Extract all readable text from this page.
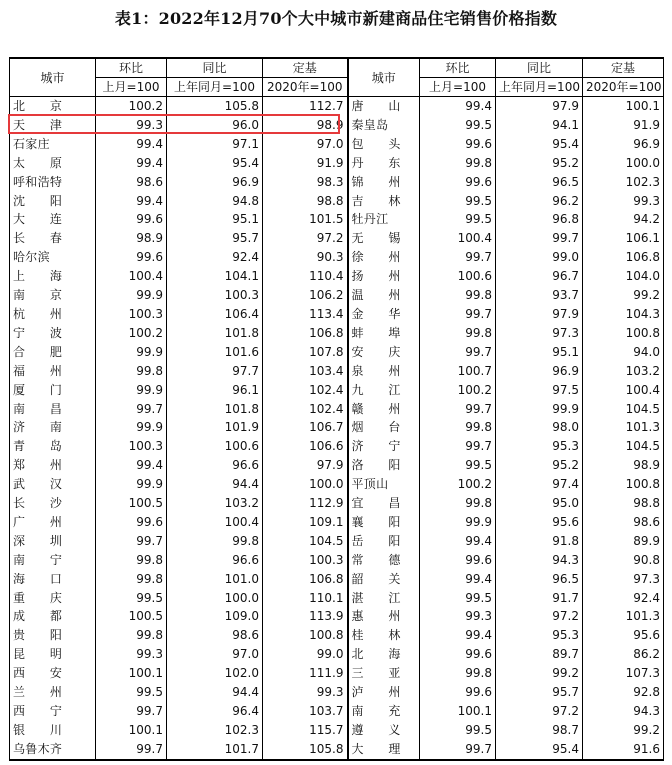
表1：2022年12月70个大中城市新建商品住宅销售价格指数
城市	环比	同比	定基	城市	环比	同比	定基
	上月=100	上年同月=100	2020年=100		上月=100	上年同月=100	2020年=100
北　　京	100.2	105.8	112.7	唐　　山	99.4	97.9	100.1
天　　津	99.3	96.0	98.9	秦皇岛	99.5	94.1	91.9
石家庄	99.4	97.1	97.0	包　　头	99.6	95.4	96.9
太　　原	99.4	95.4	91.9	丹　　东	99.8	95.2	100.0
呼和浩特	98.6	96.9	98.3	锦　　州	99.6	96.5	102.3
沈　　阳	99.4	94.8	98.8	吉　　林	99.5	96.2	99.3
大　　连	99.6	95.1	101.5	牡丹江	99.5	96.8	94.2
长　　春	98.9	95.7	97.2	无　　锡	100.4	99.7	106.1
哈尔滨	99.6	92.4	90.3	徐　　州	99.7	99.0	106.8
上　　海	100.4	104.1	110.4	扬　　州	100.6	96.7	104.0
南　　京	99.9	100.3	106.2	温　　州	99.8	93.7	99.2
杭　　州	100.3	106.4	113.4	金　　华	99.7	97.9	104.3
宁　　波	100.2	101.8	106.8	蚌　　埠	99.8	97.3	100.8
合　　肥	99.9	101.6	107.8	安　　庆	99.7	95.1	94.0
福　　州	99.8	97.7	103.4	泉　　州	100.7	96.9	103.2
厦　　门	99.9	96.1	102.4	九　　江	100.2	97.5	100.4
南　　昌	99.7	101.8	102.4	赣　　州	99.7	99.9	104.5
济　　南	99.9	101.9	106.7	烟　　台	99.8	98.0	101.3
青　　岛	100.3	100.6	106.6	济　　宁	99.7	95.3	104.5
郑　　州	99.4	96.6	97.9	洛　　阳	99.5	95.2	98.9
武　　汉	99.9	94.4	100.0	平顶山	100.2	97.4	100.8
长　　沙	100.5	103.2	112.9	宜　　昌	99.8	95.0	98.8
广　　州	99.6	100.4	109.1	襄　　阳	99.9	95.6	98.6
深　　圳	99.7	99.8	104.5	岳　　阳	99.4	91.8	89.9
南　　宁	99.8	96.6	100.3	常　　德	99.6	94.3	90.8
海　　口	99.8	101.0	106.8	韶　　关	99.4	96.5	97.3
重　　庆	99.5	100.0	110.1	湛　　江	99.5	91.7	92.4
成　　都	100.5	109.0	113.9	惠　　州	99.3	97.2	101.3
贵　　阳	99.8	98.6	100.8	桂　　林	99.4	95.3	95.6
昆　　明	99.3	97.0	99.0	北　　海	99.6	89.7	86.2
西　　安	100.1	102.0	111.9	三　　亚	99.8	99.2	107.3
兰　　州	99.5	94.4	99.3	泸　　州	99.6	95.7	92.8
西　　宁	99.7	96.4	103.7	南　　充	100.1	97.2	94.3
银　　川	100.1	102.3	115.7	遵　　义	99.5	98.7	99.2
乌鲁木齐	99.7	101.7	105.8	大　　理	99.7	95.4	91.6
